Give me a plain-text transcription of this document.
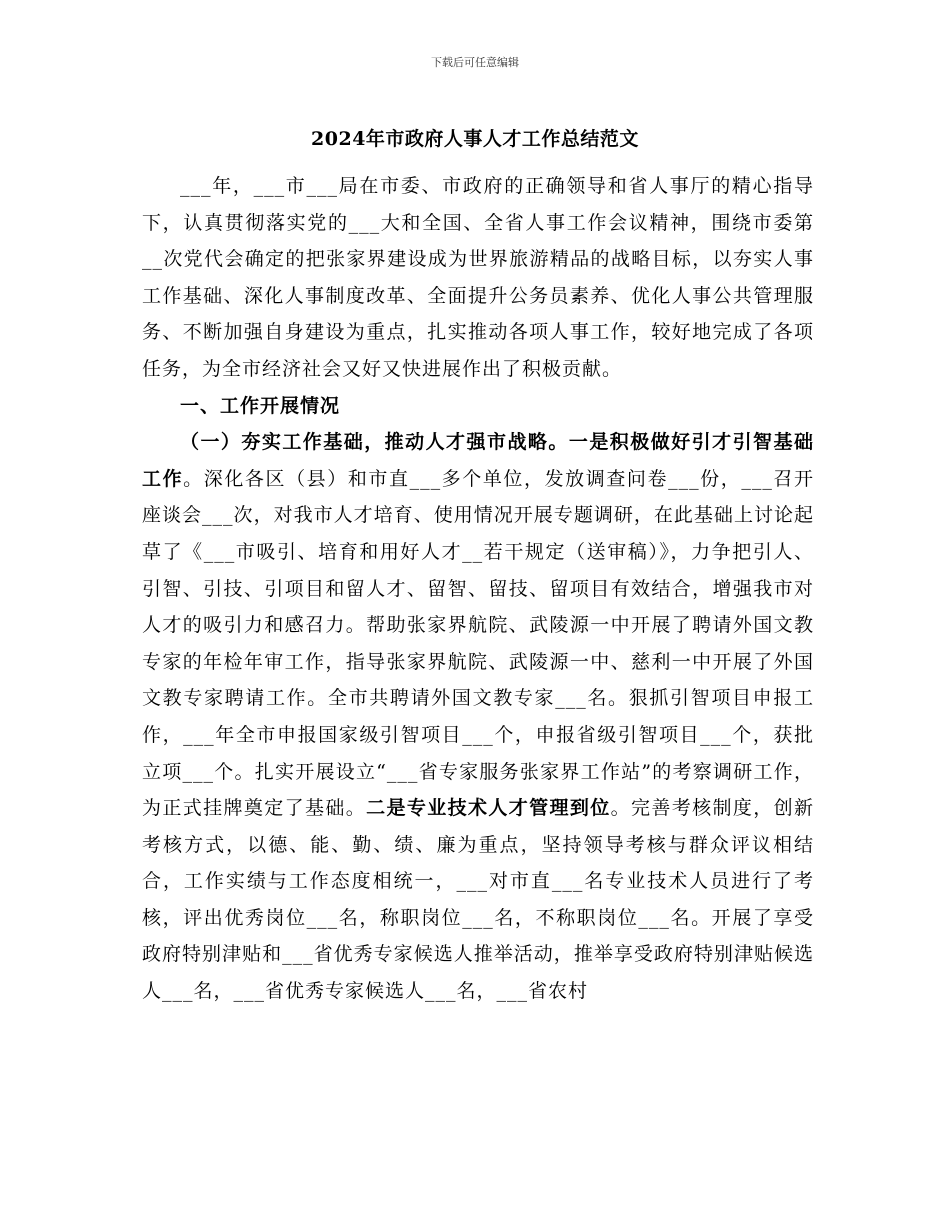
下载后可任意编辑
2024年市政府人事人才工作总结范文

___年，___市___局在市委、市政府的正确领导和省人事厅的精心指导下，认真贯彻落实党的___大和全国、全省人事工作会议精神，围绕市委第__次党代会确定的把张家界建设成为世界旅游精品的战略目标，以夯实人事工作基础、深化人事制度改革、全面提升公务员素养、优化人事公共管理服务、不断加强自身建设为重点，扎实推动各项人事工作，较好地完成了各项任务，为全市经济社会又好又快进展作出了积极贡献。

一、工作开展情况

（一）夯实工作基础，推动人才强市战略。一是积极做好引才引智基础工作。深化各区（县）和市直___多个单位，发放调查问卷___份，___召开座谈会___次，对我市人才培育、使用情况开展专题调研，在此基础上讨论起草了《___市吸引、培育和用好人才__若干规定（送审稿）》，力争把引人、引智、引技、引项目和留人才、留智、留技、留项目有效结合，增强我市对人才的吸引力和感召力。帮助张家界航院、武陵源一中开展了聘请外国文教专家的年检年审工作，指导张家界航院、武陵源一中、慈利一中开展了外国文教专家聘请工作。全市共聘请外国文教专家___名。狠抓引智项目申报工作，___年全市申报国家级引智项目___个，申报省级引智项目___个，获批立项___个。扎实开展设立“___省专家服务张家界工作站”的考察调研工作，为正式挂牌奠定了基础。二是专业技术人才管理到位。完善考核制度，创新考核方式，以德、能、勤、绩、廉为重点，坚持领导考核与群众评议相结合，工作实绩与工作态度相统一，___对市直___名专业技术人员进行了考核，评出优秀岗位___名，称职岗位___名，不称职岗位___名。开展了享受政府特别津贴和___省优秀专家候选人推举活动，推举享受政府特别津贴候选人___名，___省优秀专家候选人___名，___省农村
